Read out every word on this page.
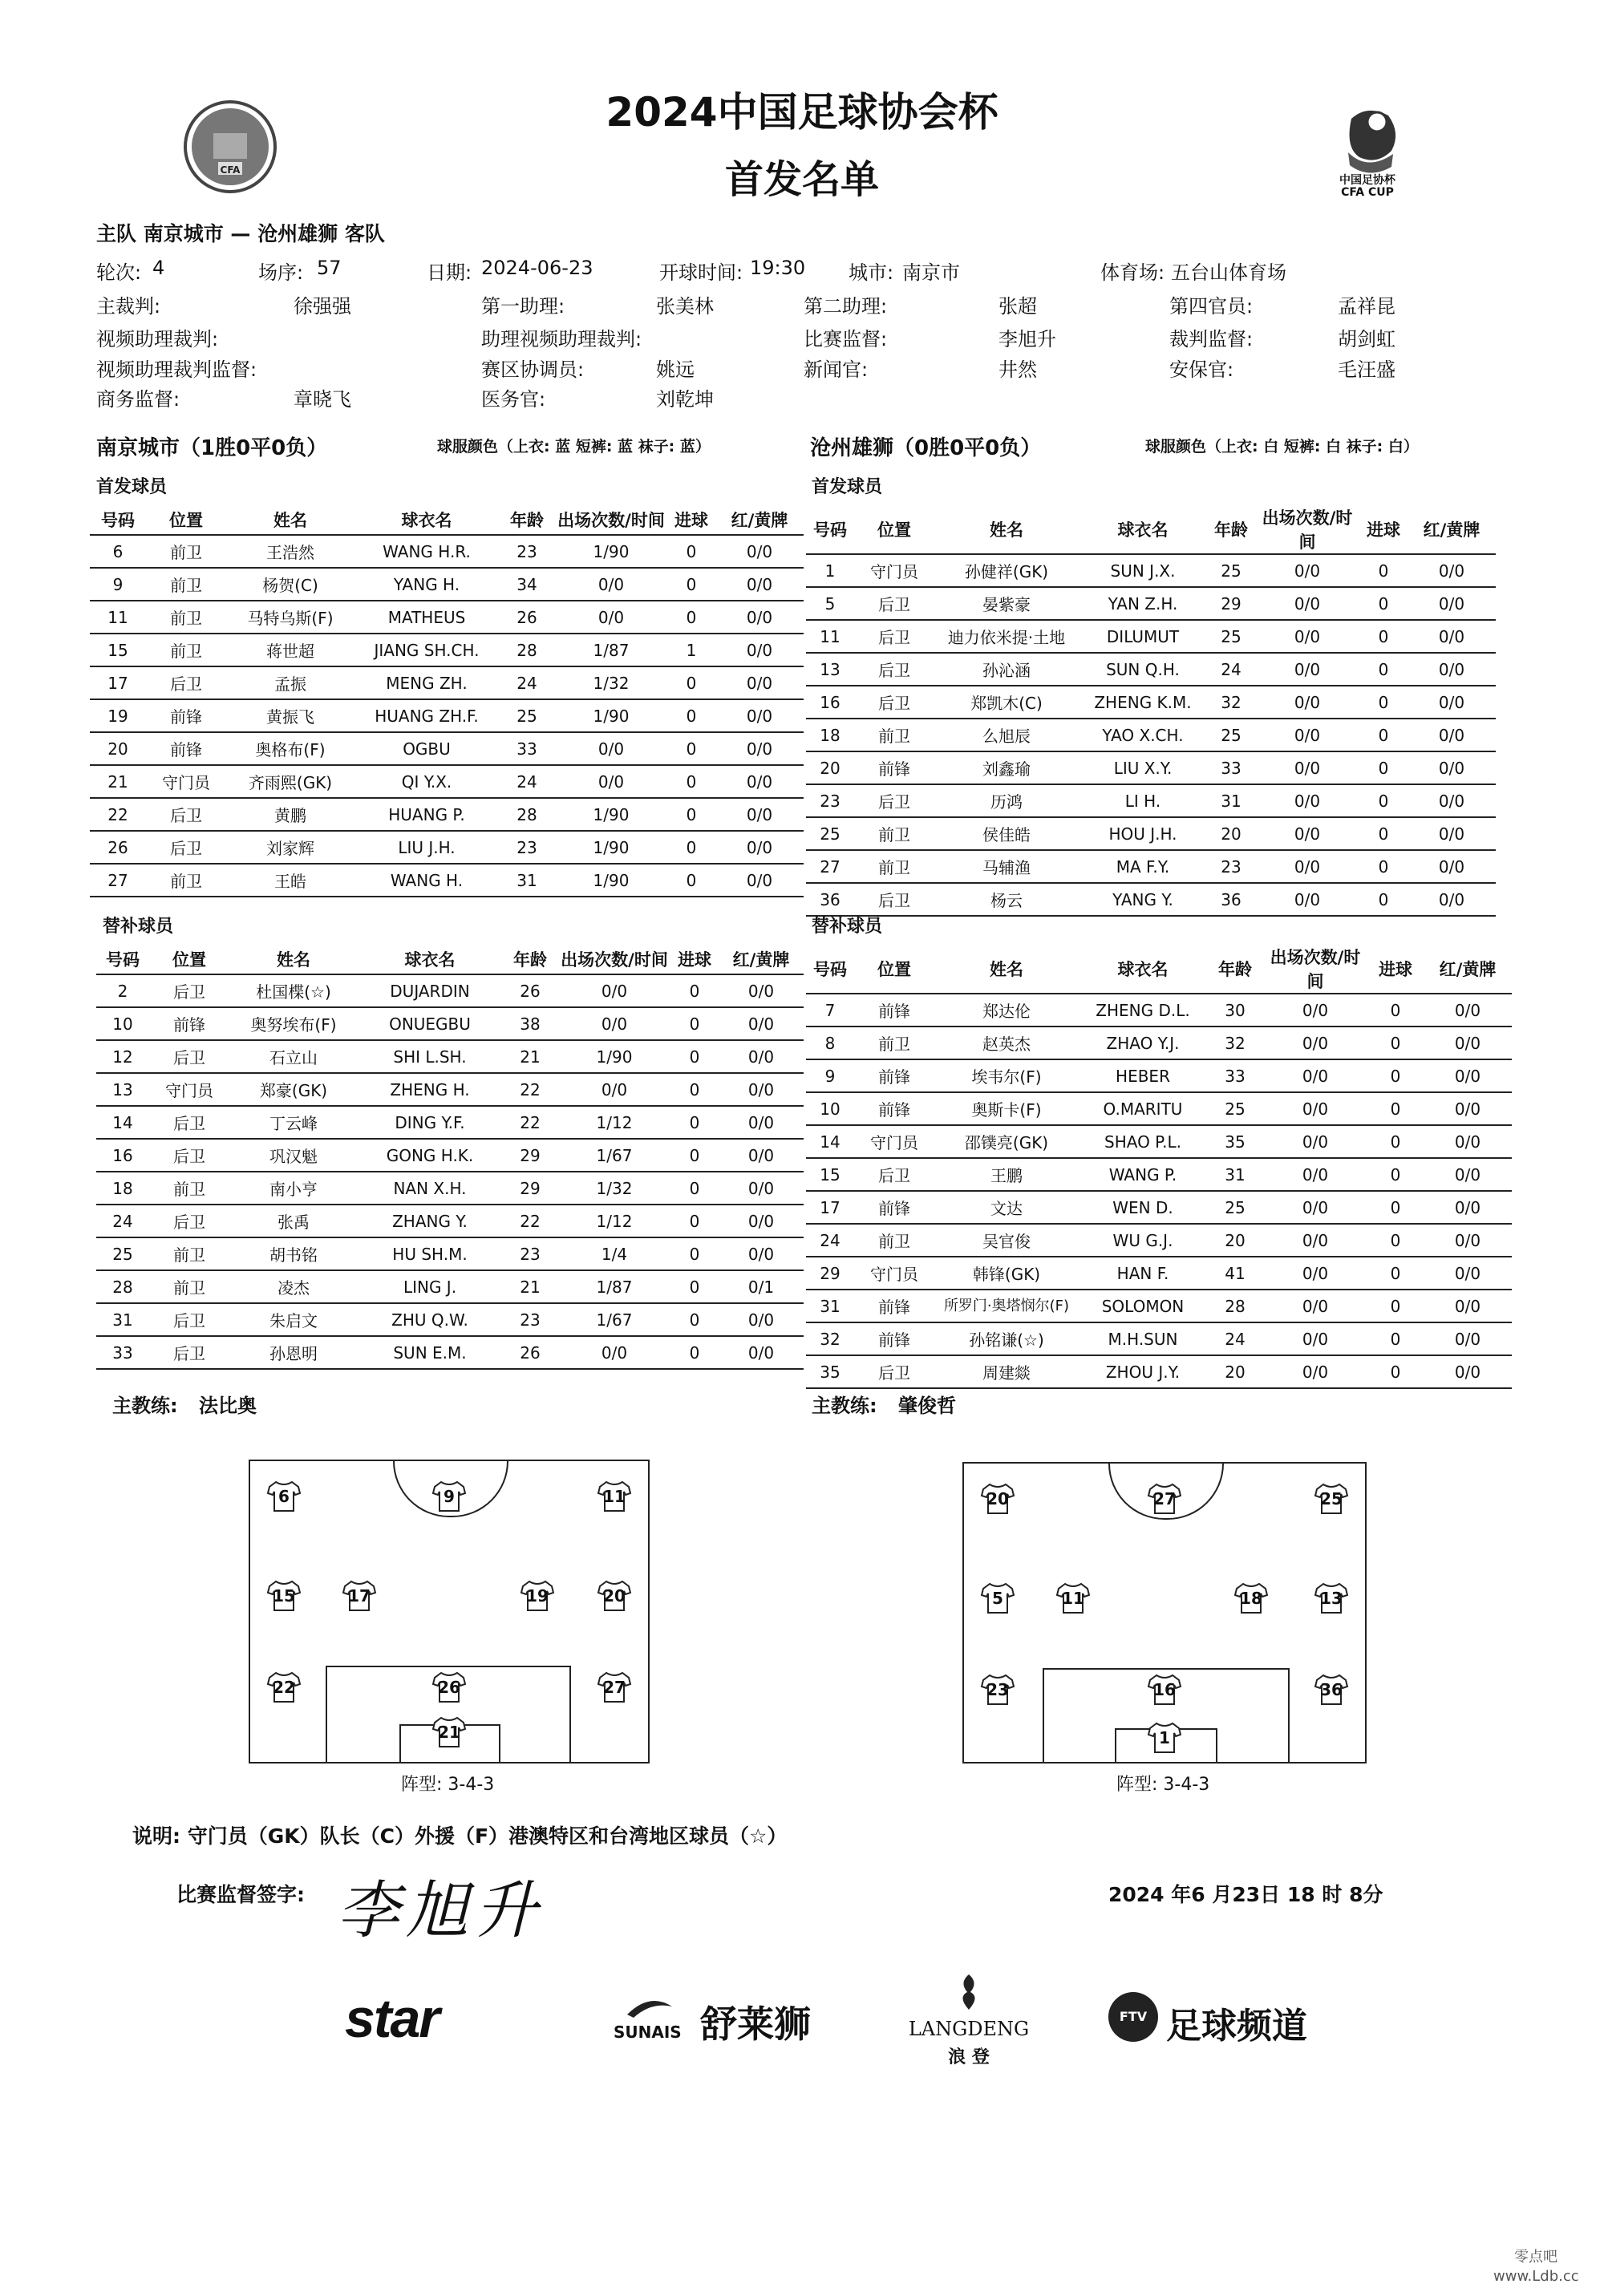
CFA
中国足协杯
CFA CUP
2024中国足球协会杯
首发名单
主队 南京城市 — 沧州雄狮 客队
轮次: 4	场序: 57	日期: 2024-06-23	开球时间: 19:30 城市: 南京市	体育场: 五台山体育场
主裁判:	徐强强	第一助理:	张美林	第二助理:	张超	第四官员:	孟祥昆
视频助理裁判:	助理视频助理裁判:	比赛监督:	李旭升	裁判监督:	胡剑虹
视频助理裁判监督:	赛区协调员:	姚远	新闻官:	井然	安保官:	毛汪盛
商务监督:	章晓飞	医务官:	刘乾坤
南京城市（1胜0平0负）	球服颜色（上衣: 蓝 短裤: 蓝 袜子: 蓝）	沧州雄狮（0胜0平0负）	球服颜色（上衣: 白 短裤: 白 袜子: 白）
首发球员	首发球员
号码	位置	姓名	球衣名	年龄	出场次数/时间	进球	红/黄牌
6	前卫	王浩然	WANG H.R.	23	1/90	0	0/0
9	前卫	杨贺(C)	YANG H.	34	0/0	0	0/0
11	前卫	马特乌斯(F)	MATHEUS	26	0/0	0	0/0
15	前卫	蒋世超	JIANG SH.CH.	28	1/87	1	0/0
17	后卫	孟振	MENG ZH.	24	1/32	0	0/0
19	前锋	黄振飞	HUANG ZH.F.	25	1/90	0	0/0
20	前锋	奥格布(F)	OGBU	33	0/0	0	0/0
21	守门员	齐雨熙(GK)	QI Y.X.	24	0/0	0	0/0
22	后卫	黄鹏	HUANG P.	28	1/90	0	0/0
26	后卫	刘家辉	LIU J.H.	23	1/90	0	0/0
27	前卫	王皓	WANG H.	31	1/90	0	0/0
号码	位置	姓名	球衣名	年龄	出场次数/时间	进球	红/黄牌
1	守门员	孙健祥(GK)	SUN J.X.	25	0/0	0	0/0
5	后卫	晏紫豪	YAN Z.H.	29	0/0	0	0/0
11	后卫	迪力依米提·土地	DILUMUT	25	0/0	0	0/0
13	后卫	孙沁涵	SUN Q.H.	24	0/0	0	0/0
16	后卫	郑凯木(C)	ZHENG K.M.	32	0/0	0	0/0
18	前卫	么旭辰	YAO X.CH.	25	0/0	0	0/0
20	前锋	刘鑫瑜	LIU X.Y.	33	0/0	0	0/0
23	后卫	历鸿	LI H.	31	0/0	0	0/0
25	前卫	侯佳皓	HOU J.H.	20	0/0	0	0/0
27	前卫	马辅渔	MA F.Y.	23	0/0	0	0/0
36	后卫	杨云	YANG Y.	36	0/0	0	0/0
替补球员	替补球员
号码	位置	姓名	球衣名	年龄	出场次数/时间	进球	红/黄牌
2	后卫	杜国楪(☆)	DUJARDIN	26	0/0	0	0/0
10	前锋	奥努埃布(F)	ONUEGBU	38	0/0	0	0/0
12	后卫	石立山	SHI L.SH.	21	1/90	0	0/0
13	守门员	郑豪(GK)	ZHENG H.	22	0/0	0	0/0
14	后卫	丁云峰	DING Y.F.	22	1/12	0	0/0
16	后卫	巩汉魁	GONG H.K.	29	1/67	0	0/0
18	前卫	南小亨	NAN X.H.	29	1/32	0	0/0
24	后卫	张禹	ZHANG Y.	22	1/12	0	0/0
25	前卫	胡书铭	HU SH.M.	23	1/4	0	0/0
28	前卫	凌杰	LING J.	21	1/87	0	0/1
31	后卫	朱启文	ZHU Q.W.	23	1/67	0	0/0
33	后卫	孙恩明	SUN E.M.	26	0/0	0	0/0
号码	位置	姓名	球衣名	年龄	出场次数/时间	进球	红/黄牌
7	前锋	郑达伦	ZHENG D.L.	30	0/0	0	0/0
8	前卫	赵英杰	ZHAO Y.J.	32	0/0	0	0/0
9	前锋	埃韦尔(F)	HEBER	33	0/0	0	0/0
10	前锋	奥斯卡(F)	O.MARITU	25	0/0	0	0/0
14	守门员	邵镤亮(GK)	SHAO P.L.	35	0/0	0	0/0
15	后卫	王鹏	WANG P.	31	0/0	0	0/0
17	前锋	文达	WEN D.	25	0/0	0	0/0
24	前卫	吴官俊	WU G.J.	20	0/0	0	0/0
29	守门员	韩锋(GK)	HAN F.	41	0/0	0	0/0
31	前锋	所罗门·奥塔悯尔(F)	SOLOMON	28	0/0	0	0/0
32	前锋	孙铭谦(☆)	M.H.SUN	24	0/0	0	0/0
35	后卫	周建燚	ZHOU J.Y.	20	0/0	0	0/0
主教练: 法比奥	主教练: 肇俊哲
6	9	11
15	17	19	20
22	26	27
21
阵型: 3-4-3
20	27	25
5	11	18	13
23	16	36
1
阵型: 3-4-3
说明: 守门员（GK）队长（C）外援（F）港澳特区和台湾地区球员（☆）
比赛监督签字: 李旭升	2024 年6 月23日 18 时 8分
star	SUNAIS 舒莱狮	LANGDENG
浪 登
FTV 足球频道
零点吧
www.Ldb.cc
